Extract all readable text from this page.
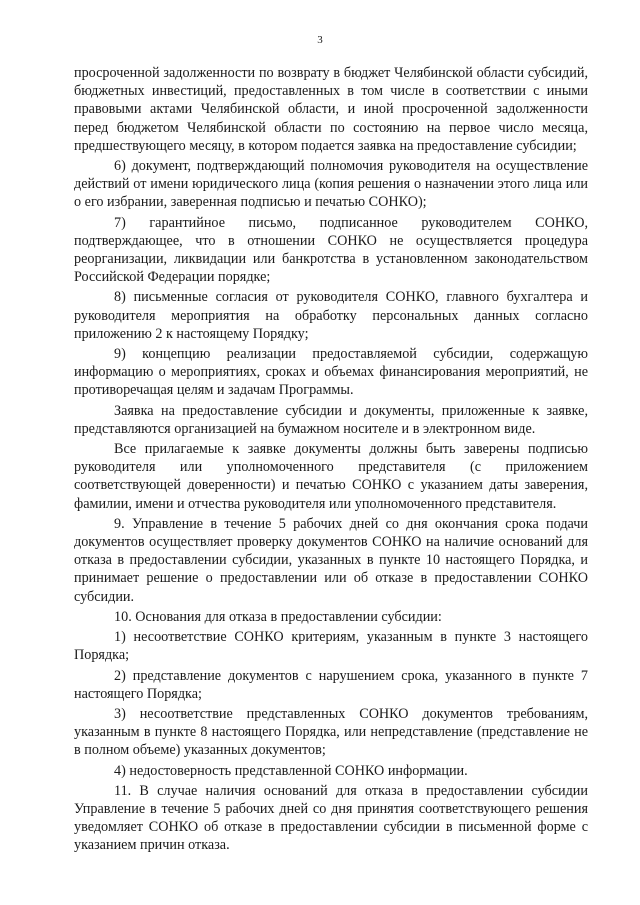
3

просроченной задолженности по возврату в бюджет Челябинской области субсидий, бюджетных инвестиций, предоставленных в том числе в соответствии с иными правовыми актами Челябинской области, и иной просроченной задолженности перед бюджетом Челябинской области по состоянию на первое число месяца, предшествующего месяцу, в котором подается заявка на предоставление субсидии;

6) документ, подтверждающий полномочия руководителя на осуществление действий от имени юридического лица (копия решения о назначении этого лица или о его избрании, заверенная подписью и печатью СОНКО);

7) гарантийное письмо, подписанное руководителем СОНКО, подтверждающее, что в отношении СОНКО не осуществляется процедура реорганизации, ликвидации или банкротства в установленном законодательством Российской Федерации порядке;

8) письменные согласия от руководителя СОНКО, главного бухгалтера и руководителя мероприятия на обработку персональных данных согласно приложению 2 к настоящему Порядку;

9) концепцию реализации предоставляемой субсидии, содержащую информацию о мероприятиях, сроках и объемах финансирования мероприятий, не противоречащая целям и задачам Программы.

Заявка на предоставление субсидии и документы, приложенные к заявке, представляются организацией на бумажном носителе и в электронном виде.

Все прилагаемые к заявке документы должны быть заверены подписью руководителя или уполномоченного представителя (с приложением соответствующей доверенности) и печатью СОНКО с указанием даты заверения, фамилии, имени и отчества руководителя или уполномоченного представителя.

9. Управление в течение 5 рабочих дней со дня окончания срока подачи документов осуществляет проверку документов СОНКО на наличие оснований для отказа в предоставлении субсидии, указанных в пункте 10 настоящего Порядка, и принимает решение о предоставлении или об отказе в предоставлении СОНКО субсидии.

10. Основания для отказа в предоставлении субсидии:

1) несоответствие СОНКО критериям, указанным в пункте 3 настоящего Порядка;

2) представление документов с нарушением срока, указанного в пункте 7 настоящего Порядка;

3) несоответствие представленных СОНКО документов требованиям, указанным в пункте 8 настоящего Порядка, или непредставление (представление не в полном объеме) указанных документов;

4) недостоверность представленной СОНКО информации.

11. В случае наличия оснований для отказа в предоставлении субсидии Управление в течение 5 рабочих дней со дня принятия соответствующего решения уведомляет СОНКО об отказе в предоставлении субсидии в письменной форме с указанием причин отказа.
